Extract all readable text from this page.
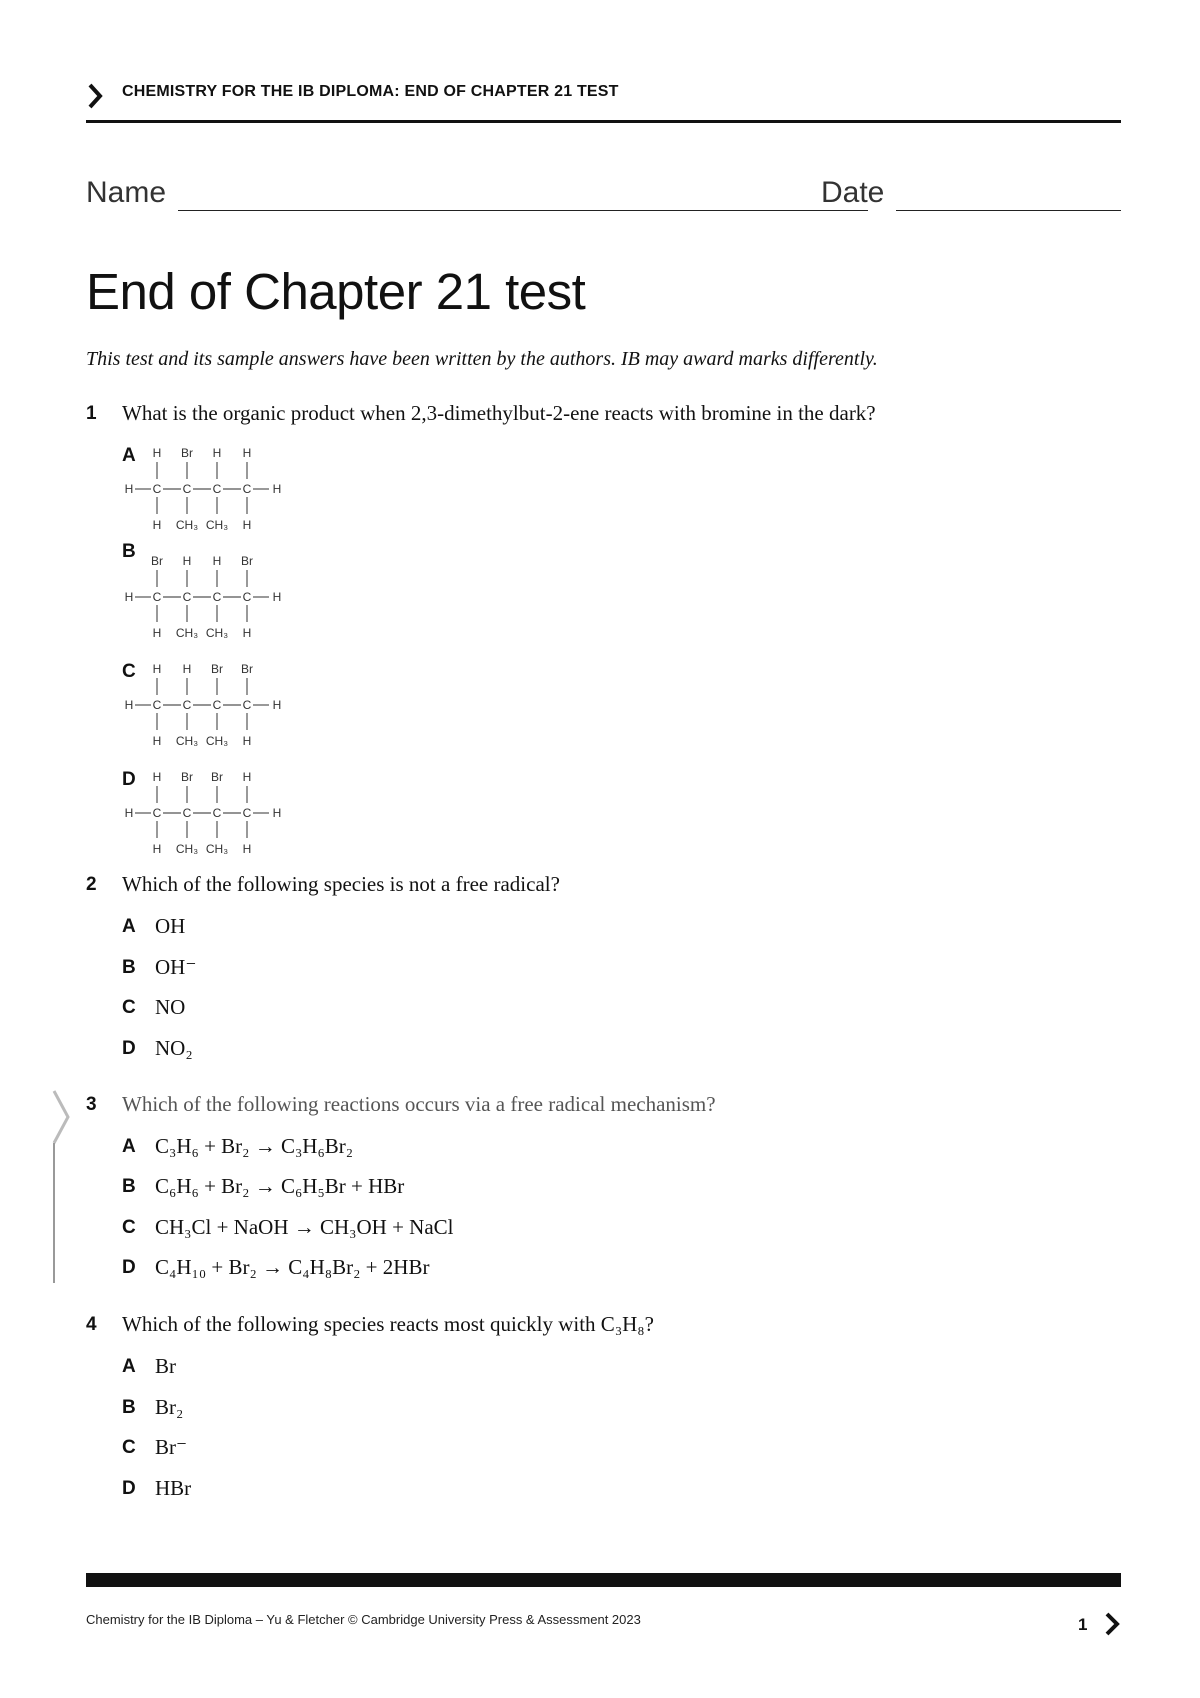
CHEMISTRY FOR THE IB DIPLOMA: END OF CHAPTER 21 TEST
Name	Date
End of Chapter 21 test
This test and its sample answers have been written by the authors. IB may award marks differently.
1 What is the organic product when 2,3-dimethylbut-2-ene reacts with bromine in the dark?
A
H	H
C
H
H
C
Br
CH₃
C
H
CH₃
C
H
H
B
H	H
C
Br
H
C
H
CH₃
C
H
CH₃
C
Br
H
C
H	H
C
H
H
C
H
CH₃
C
Br
CH₃
C
Br
H
D
H	H
C
H
H
C
Br
CH₃
C
Br
CH₃
C
H
H
2 Which of the following species is not a free radical?
A OH
B OH⁻
C NO
D NO₂
3 Which of the following reactions occurs via a free radical mechanism?
A C₃H₆ + Br₂ → C₃H₆Br₂
B C₆H₆ + Br₂ → C₆H₅Br + HBr
C CH₃Cl + NaOH → CH₃OH + NaCl
D C₄H₁₀ + Br₂ → C₄H₈Br₂ + 2HBr
4 Which of the following species reacts most quickly with C₃H₈?
A Br
B Br₂
C Br⁻
D HBr
Chemistry for the IB Diploma – Yu & Fletcher © Cambridge University Press & Assessment 2023	1
